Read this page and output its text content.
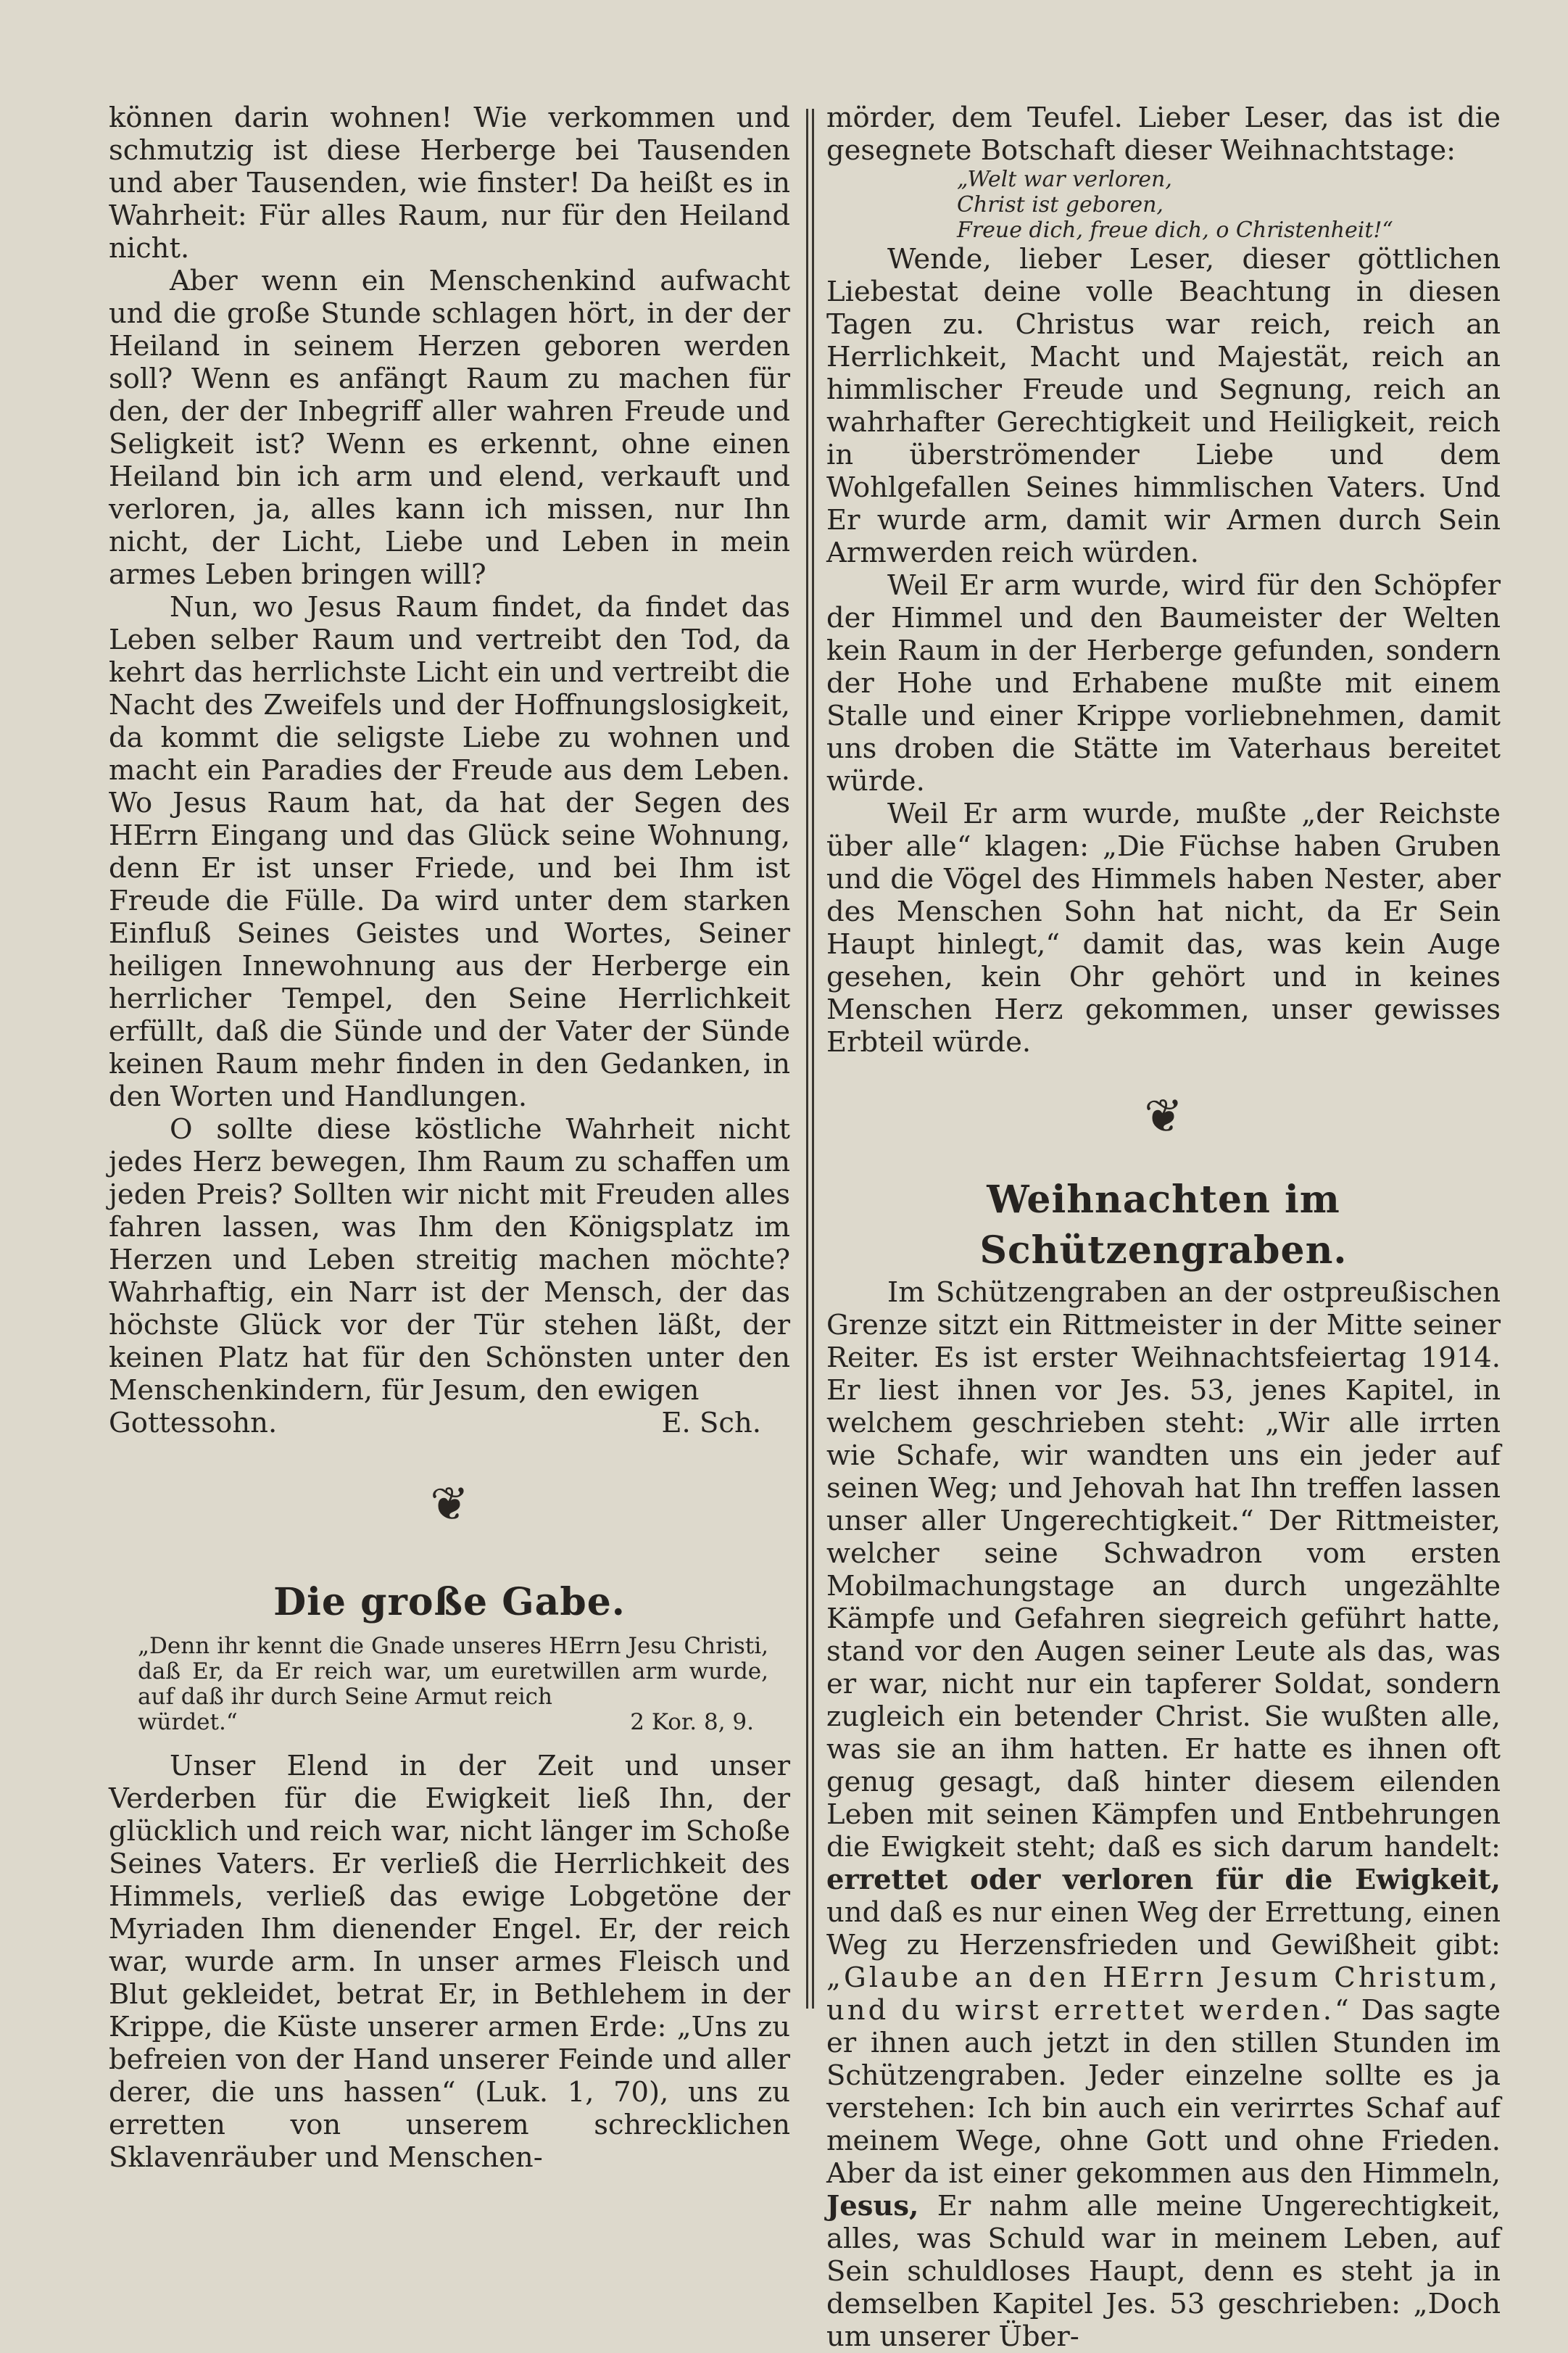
können darin wohnen! Wie verkommen und schmutzig ist diese Herberge bei Tausenden und aber Tausenden, wie finster! Da heißt es in Wahrheit: Für alles Raum, nur für den Heiland nicht.

Aber wenn ein Menschenkind aufwacht und die große Stunde schlagen hört, in der der Heiland in seinem Herzen geboren werden soll? Wenn es anfängt Raum zu machen für den, der der Inbegriff aller wahren Freude und Seligkeit ist? Wenn es erkennt, ohne einen Heiland bin ich arm und elend, verkauft und verloren, ja, alles kann ich missen, nur Ihn nicht, der Licht, Liebe und Leben in mein armes Leben bringen will?

Nun, wo Jesus Raum findet, da findet das Leben selber Raum und vertreibt den Tod, da kehrt das herrlichste Licht ein und vertreibt die Nacht des Zweifels und der Hoffnungslosigkeit, da kommt die seligste Liebe zu wohnen und macht ein Paradies der Freude aus dem Leben. Wo Jesus Raum hat, da hat der Segen des HErrn Eingang und das Glück seine Wohnung, denn Er ist unser Friede, und bei Ihm ist Freude die Fülle. Da wird unter dem starken Einfluß Seines Geistes und Wortes, Seiner heiligen Innewohnung aus der Herberge ein herrlicher Tempel, den Seine Herrlichkeit erfüllt, daß die Sünde und der Vater der Sünde keinen Raum mehr finden in den Gedanken, in den Worten und Handlungen.

O sollte diese köstliche Wahrheit nicht jedes Herz bewegen, Ihm Raum zu schaffen um jeden Preis? Sollten wir nicht mit Freuden alles fahren lassen, was Ihm den Königsplatz im Herzen und Leben streitig machen möchte? Wahrhaftig, ein Narr ist der Mensch, der das höchste Glück vor der Tür stehen läßt, der keinen Platz hat für den Schönsten unter den Menschenkindern, für Jesum, den ewigen

Gottessohn.	E. Sch.

❦
Die große Gabe.

„Denn ihr kennt die Gnade unseres HErrn Jesu Christi, daß Er, da Er reich war, um euretwillen arm wurde, auf daß ihr durch Seine Armut reich

würdet.“	2 Kor. 8, 9.

Unser Elend in der Zeit und unser Verderben für die Ewigkeit ließ Ihn, der glücklich und reich war, nicht länger im Schoße Seines Vaters. Er verließ die Herrlichkeit des Himmels, verließ das ewige Lobgetöne der Myriaden Ihm dienender Engel. Er, der reich war, wurde arm. In unser armes Fleisch und Blut gekleidet, betrat Er, in Bethlehem in der Krippe, die Küste unserer armen Erde: „Uns zu befreien von der Hand unserer Feinde und aller derer, die uns hassen“ (Luk. 1, 70), uns zu erretten von unserem schrecklichen Sklavenräuber und Menschen-

mörder, dem Teufel. Lieber Leser, das ist die gesegnete Botschaft dieser Weihnachtstage:

„Welt war verloren,
Christ ist geboren,
Freue dich, freue dich, o Christenheit!“

Wende, lieber Leser, dieser göttlichen Liebestat deine volle Beachtung in diesen Tagen zu. Christus war reich, reich an Herrlichkeit, Macht und Majestät, reich an himmlischer Freude und Segnung, reich an wahrhafter Gerechtigkeit und Heiligkeit, reich in überströmender Liebe und dem Wohlgefallen Seines himmlischen Vaters. Und Er wurde arm, damit wir Armen durch Sein Armwerden reich würden.

Weil Er arm wurde, wird für den Schöpfer der Himmel und den Baumeister der Welten kein Raum in der Herberge gefunden, sondern der Hohe und Erhabene mußte mit einem Stalle und einer Krippe vorliebnehmen, damit uns droben die Stätte im Vaterhaus bereitet würde.

Weil Er arm wurde, mußte „der Reichste über alle“ klagen: „Die Füchse haben Gruben und die Vögel des Himmels haben Nester, aber des Menschen Sohn hat nicht, da Er Sein Haupt hinlegt,“ damit das, was kein Auge gesehen, kein Ohr gehört und in keines Menschen Herz gekommen, unser gewisses Erbteil würde.

❦
Weihnachten im Schützengraben.

Im Schützengraben an der ostpreußischen Grenze sitzt ein Rittmeister in der Mitte seiner Reiter. Es ist erster Weihnachtsfeiertag 1914. Er liest ihnen vor Jes. 53, jenes Kapitel, in welchem geschrieben steht: „Wir alle irrten wie Schafe, wir wandten uns ein jeder auf seinen Weg; und Jehovah hat Ihn treffen lassen unser aller Ungerechtigkeit.“ Der Rittmeister, welcher seine Schwadron vom ersten Mobilmachungstage an durch ungezählte Kämpfe und Gefahren siegreich geführt hatte, stand vor den Augen seiner Leute als das, was er war, nicht nur ein tapferer Soldat, sondern zugleich ein betender Christ. Sie wußten alle, was sie an ihm hatten. Er hatte es ihnen oft genug gesagt, daß hinter diesem eilenden Leben mit seinen Kämpfen und Entbehrungen die Ewigkeit steht; daß es sich darum handelt: errettet oder verloren für die Ewigkeit, und daß es nur einen Weg der Errettung, einen Weg zu Herzensfrieden und Gewißheit gibt: „Glaube an den HErrn Jesum Christum, und du wirst errettet werden.“ Das sagte er ihnen auch jetzt in den stillen Stunden im Schützengraben. Jeder einzelne sollte es ja verstehen: Ich bin auch ein verirrtes Schaf auf meinem Wege, ohne Gott und ohne Frieden. Aber da ist einer gekommen aus den Himmeln, Jesus, Er nahm alle meine Ungerechtigkeit, alles, was Schuld war in meinem Leben, auf Sein schuldloses Haupt, denn es steht ja in demselben Kapitel Jes. 53 geschrieben: „Doch um unserer Über-
